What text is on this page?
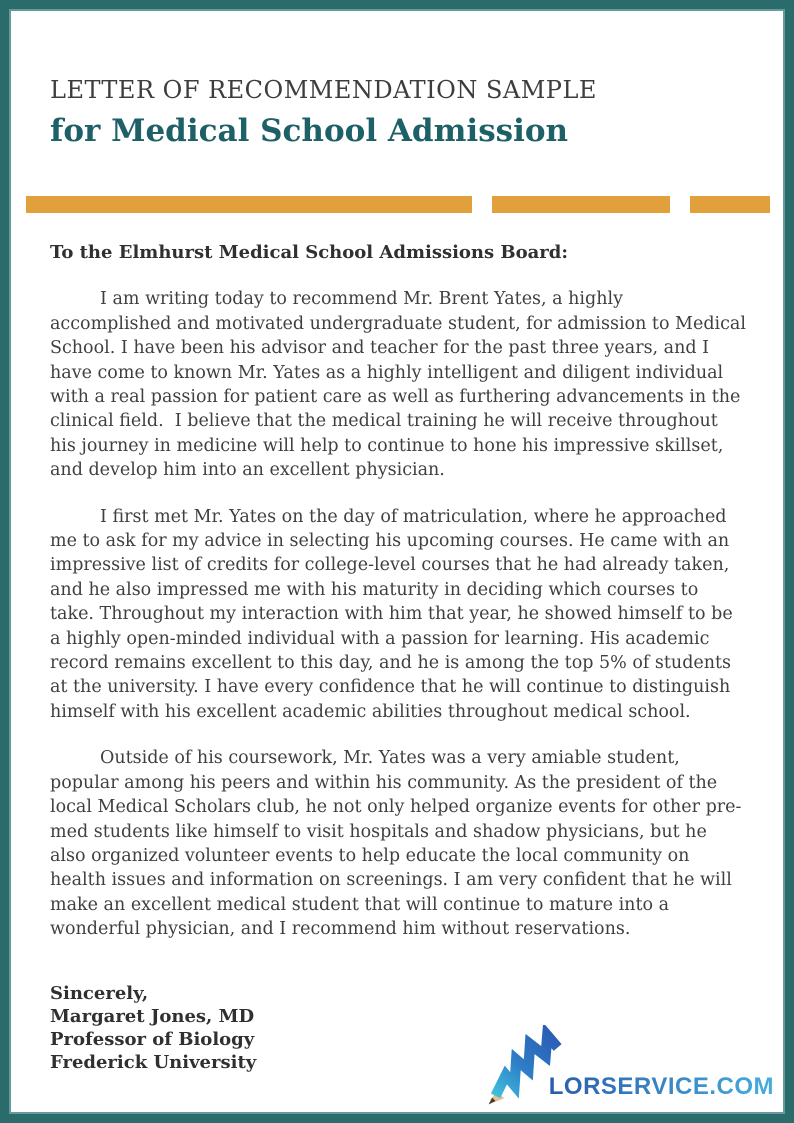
LETTER OF RECOMMENDATION SAMPLE
for Medical School Admission
To the Elmhurst Medical School Admissions Board:

I am writing today to recommend Mr. Brent Yates, a highly accomplished and motivated undergraduate student, for admission to Medical School. I have been his advisor and teacher for the past three years, and I have come to known Mr. Yates as a highly intelligent and diligent individual with a real passion for patient care as well as furthering advancements in the clinical field.  I believe that the medical training he will receive throughout his journey in medicine will help to continue to hone his impressive skillset, and develop him into an excellent physician.

I first met Mr. Yates on the day of matriculation, where he approached me to ask for my advice in selecting his upcoming courses. He came with an impressive list of credits for college-level courses that he had already taken, and he also impressed me with his maturity in deciding which courses to take. Throughout my interaction with him that year, he showed himself to be a highly open-minded individual with a passion for learning. His academic record remains excellent to this day, and he is among the top 5% of students at the university. I have every confidence that he will continue to distinguish himself with his excellent academic abilities throughout medical school.

Outside of his coursework, Mr. Yates was a very amiable student, popular among his peers and within his community. As the president of the local Medical Scholars club, he not only helped organize events for other pre-med students like himself to visit hospitals and shadow physicians, but he also organized volunteer events to help educate the local community on health issues and information on screenings. I am very confident that he will make an excellent medical student that will continue to mature into a wonderful physician, and I recommend him without reservations.

Sincerely,
Margaret Jones, MD
Professor of Biology
Frederick University
LORSERVICE.COM
